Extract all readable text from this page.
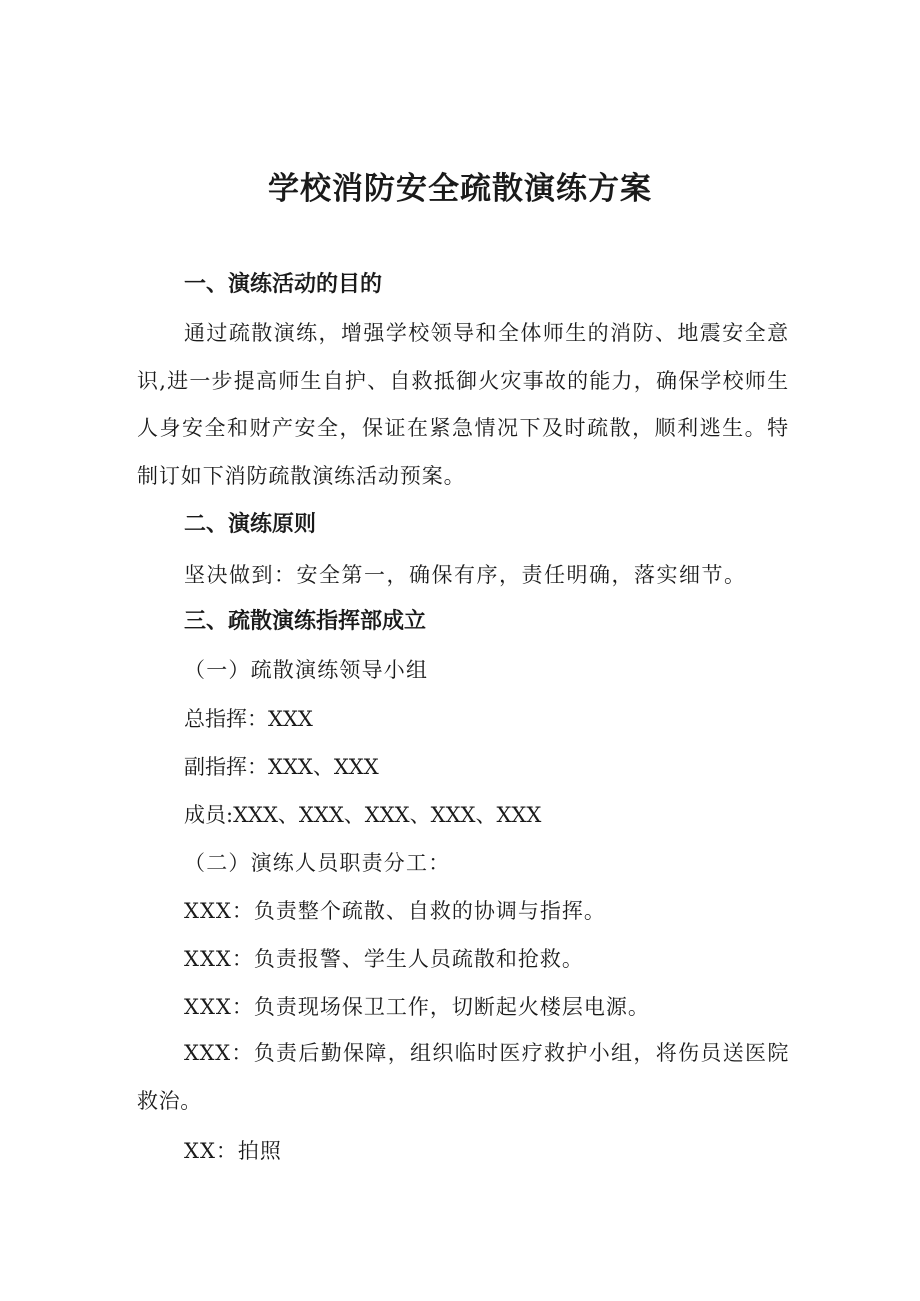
学校消防安全疏散演练方案
一、演练活动的目的
通过疏散演练，增强学校领导和全体师生的消防、地震安全意识,进一步提高师生自护、自救抵御火灾事故的能力，确保学校师生人身安全和财产安全，保证在紧急情况下及时疏散，顺利逃生。特制订如下消防疏散演练活动预案。
二、演练原则
坚决做到：安全第一，确保有序，责任明确，落实细节。
三、疏散演练指挥部成立
（一）疏散演练领导小组
总指挥：XXX
副指挥：XXX、XXX
成员:XXX、XXX、XXX、XXX、XXX
（二）演练人员职责分工：
XXX：负责整个疏散、自救的协调与指挥。
XXX：负责报警、学生人员疏散和抢救。
XXX：负责现场保卫工作，切断起火楼层电源。
XXX：负责后勤保障，组织临时医疗救护小组，将伤员送医院救治。
XX：拍照
